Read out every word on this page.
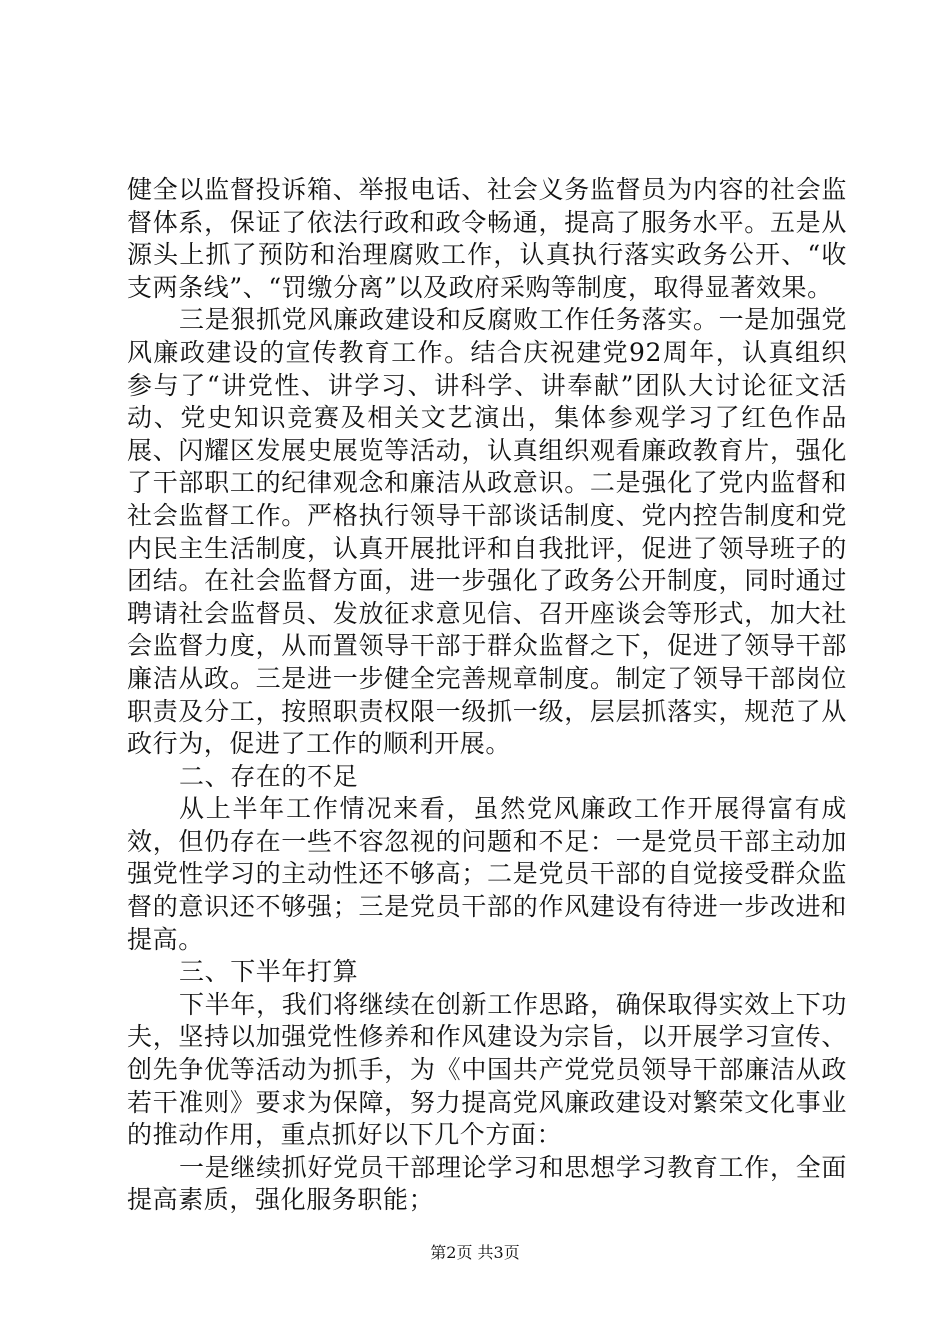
健全以监督投诉箱、举报电话、社会义务监督员为内容的社会监督体系，保证了依法行政和政令畅通，提高了服务水平。五是从源头上抓了预防和治理腐败工作，认真执行落实政务公开、“收支两条线”、“罚缴分离”以及政府采购等制度，取得显著效果。

三是狠抓党风廉政建设和反腐败工作任务落实。一是加强党风廉政建设的宣传教育工作。结合庆祝建党92周年，认真组织参与了“讲党性、讲学习、讲科学、讲奉献”团队大讨论征文活动、党史知识竞赛及相关文艺演出，集体参观学习了红色作品展、闪耀区发展史展览等活动，认真组织观看廉政教育片，强化了干部职工的纪律观念和廉洁从政意识。二是强化了党内监督和社会监督工作。严格执行领导干部谈话制度、党内控告制度和党内民主生活制度，认真开展批评和自我批评，促进了领导班子的团结。在社会监督方面，进一步强化了政务公开制度，同时通过聘请社会监督员、发放征求意见信、召开座谈会等形式，加大社会监督力度，从而置领导干部于群众监督之下，促进了领导干部廉洁从政。三是进一步健全完善规章制度。制定了领导干部岗位职责及分工，按照职责权限一级抓一级，层层抓落实，规范了从政行为，促进了工作的顺利开展。

二、存在的不足

从上半年工作情况来看，虽然党风廉政工作开展得富有成效，但仍存在一些不容忽视的问题和不足：一是党员干部主动加强党性学习的主动性还不够高；二是党员干部的自觉接受群众监督的意识还不够强；三是党员干部的作风建设有待进一步改进和提高。

三、下半年打算

下半年，我们将继续在创新工作思路，确保取得实效上下功夫，坚持以加强党性修养和作风建设为宗旨，以开展学习宣传、创先争优等活动为抓手，为《中国共产党党员领导干部廉洁从政若干准则》要求为保障，努力提高党风廉政建设对繁荣文化事业的推动作用，重点抓好以下几个方面：

一是继续抓好党员干部理论学习和思想学习教育工作，全面提高素质，强化服务职能；

第2页 共3页
